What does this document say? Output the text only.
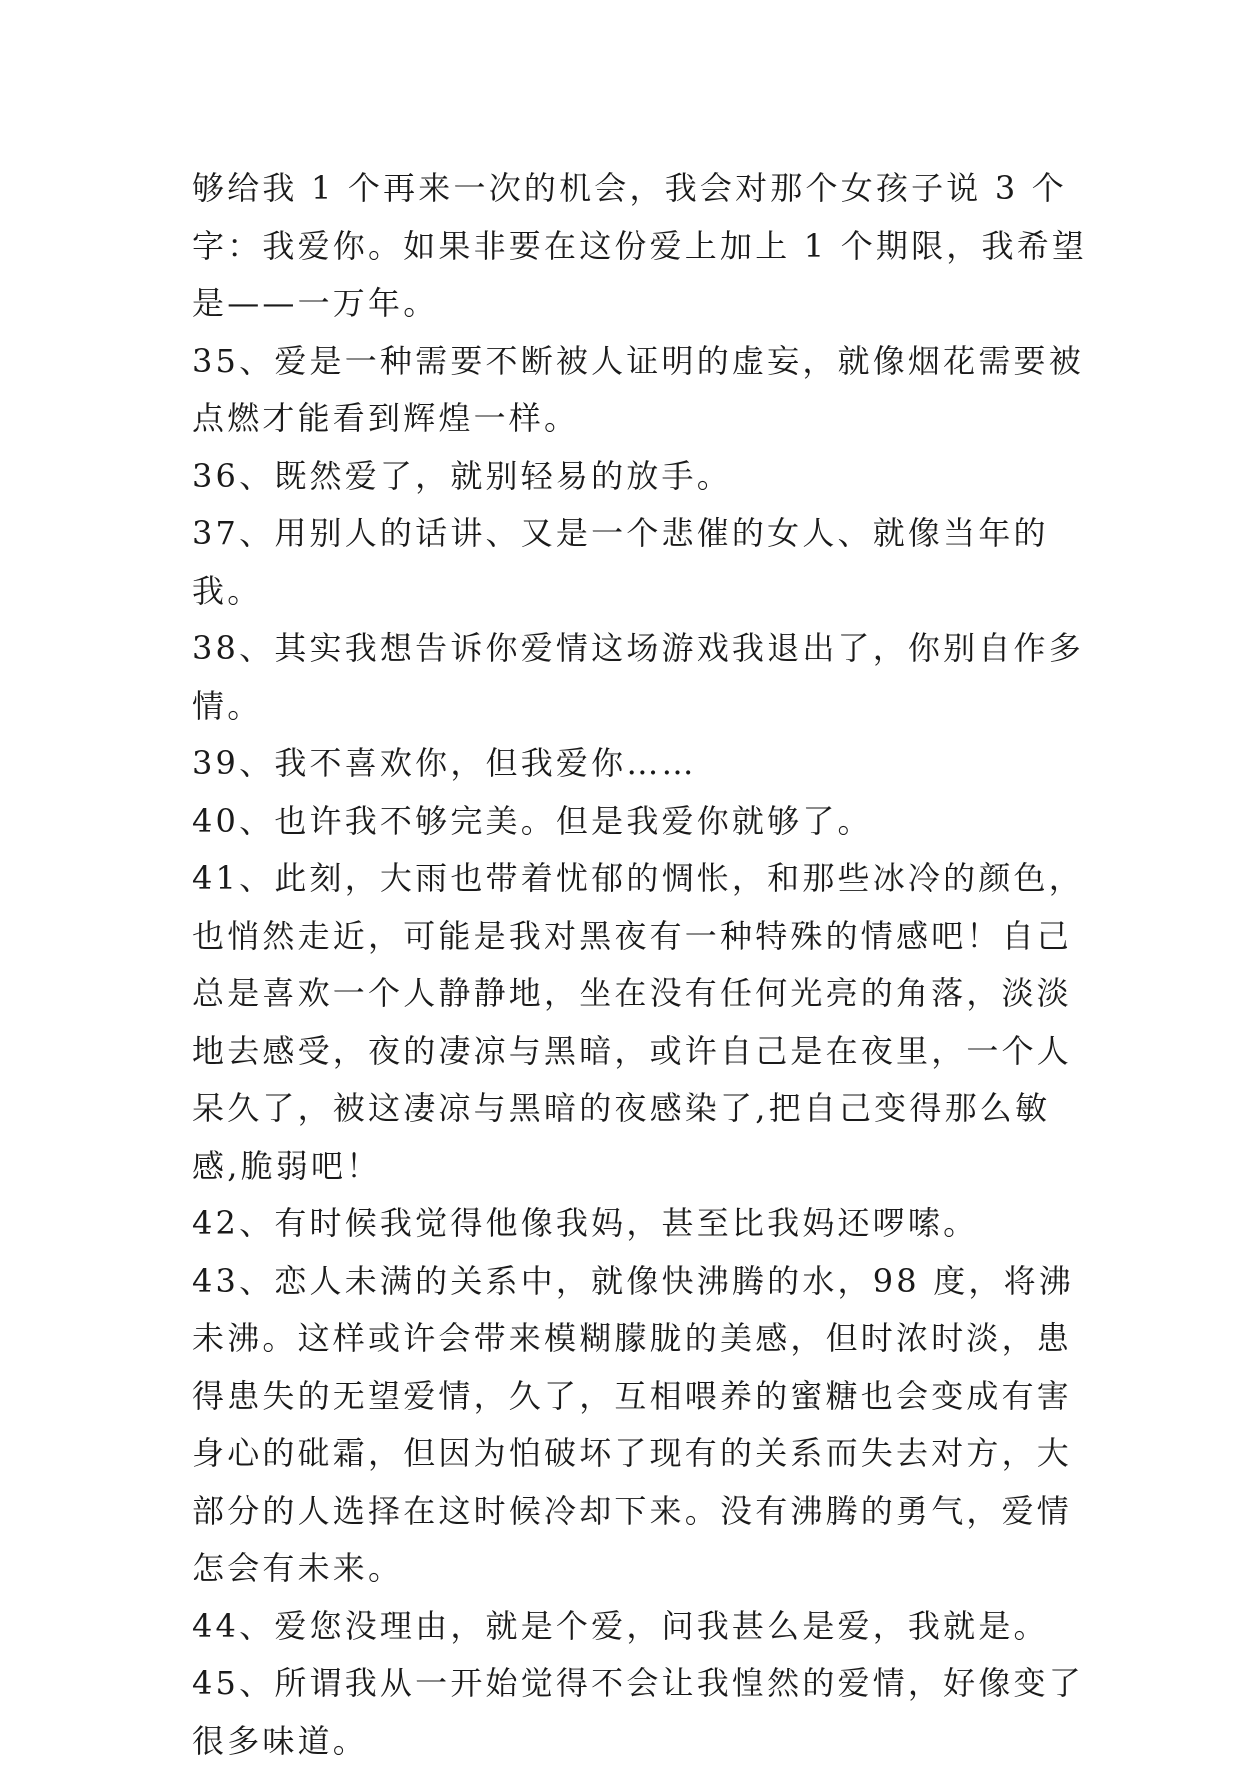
够给我 1 个再来一次的机会，我会对那个女孩子说 3 个字：我爱你。如果非要在这份爱上加上 1 个期限，我希望是——一万年。

35、爱是一种需要不断被人证明的虚妄，就像烟花需要被点燃才能看到辉煌一样。

36、既然爱了，就别轻易的放手。

37、用别人的话讲、又是一个悲催的女人、就像当年的我。

38、其实我想告诉你爱情这场游戏我退出了，你别自作多情。

39、我不喜欢你，但我爱你……

40、也许我不够完美。但是我爱你就够了。

41、此刻，大雨也带着忧郁的惆怅，和那些冰冷的颜色，也悄然走近，可能是我对黑夜有一种特殊的情感吧！自己总是喜欢一个人静静地，坐在没有任何光亮的角落，淡淡地去感受，夜的凄凉与黑暗，或许自己是在夜里，一个人呆久了，被这凄凉与黑暗的夜感染了,把自己变得那么敏感,脆弱吧！

42、有时候我觉得他像我妈，甚至比我妈还啰嗦。

43、恋人未满的关系中，就像快沸腾的水，98 度，将沸未沸。这样或许会带来模糊朦胧的美感，但时浓时淡，患得患失的无望爱情，久了，互相喂养的蜜糖也会变成有害身心的砒霜，但因为怕破坏了现有的关系而失去对方，大部分的人选择在这时候冷却下来。没有沸腾的勇气，爱情怎会有未来。

44、爱您没理由，就是个爱，问我甚么是爱，我就是。

45、所谓我从一开始觉得不会让我惶然的爱情，好像变了很多味道。
